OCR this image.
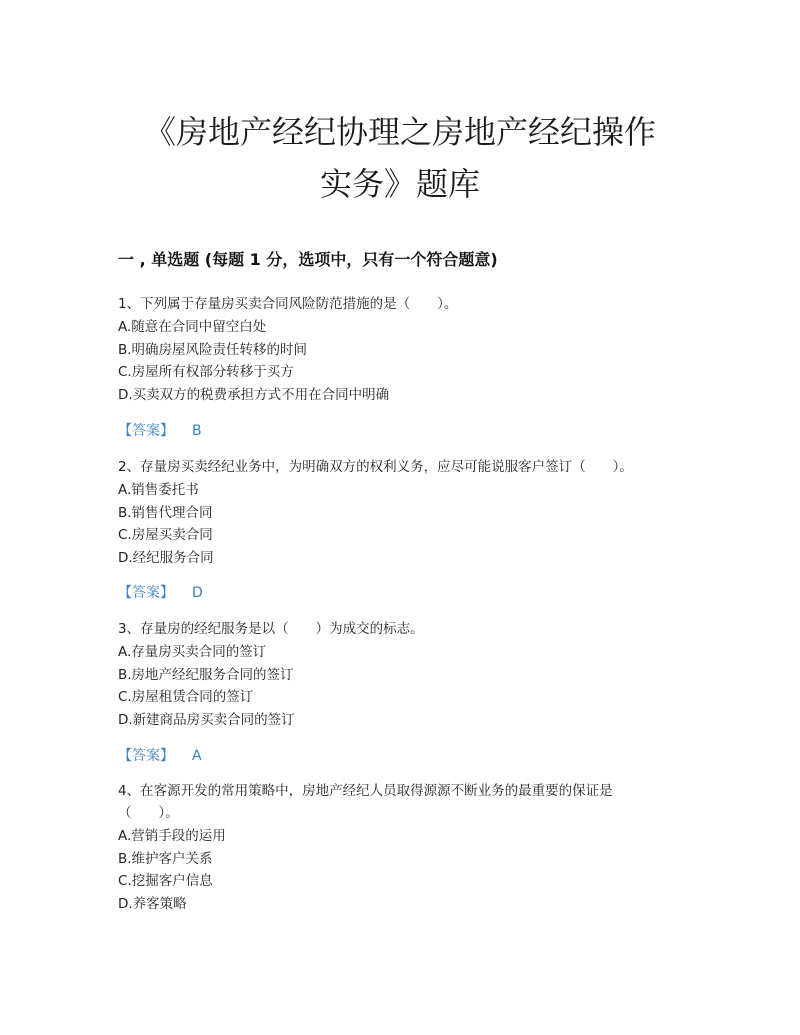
《房地产经纪协理之房地产经纪操作
实务》题库
一 , 单选题 (每题 1 分，选项中，只有一个符合题意)
1、下列属于存量房买卖合同风险防范措施的是（　　）。
A.随意在合同中留空白处
B.明确房屋风险责任转移的时间
C.房屋所有权部分转移于买方
D.买卖双方的税费承担方式不用在合同中明确
【答案】 B
2、存量房买卖经纪业务中，为明确双方的权利义务，应尽可能说服客户签订（　　）。
A.销售委托书
B.销售代理合同
C.房屋买卖合同
D.经纪服务合同
【答案】 D
3、存量房的经纪服务是以（　　）为成交的标志。
A.存量房买卖合同的签订
B.房地产经纪服务合同的签订
C.房屋租赁合同的签订
D.新建商品房买卖合同的签订
【答案】 A
4、在客源开发的常用策略中，房地产经纪人员取得源源不断业务的最重要的保证是（　　）。
A.营销手段的运用
B.维护客户关系
C.挖掘客户信息
D.养客策略
